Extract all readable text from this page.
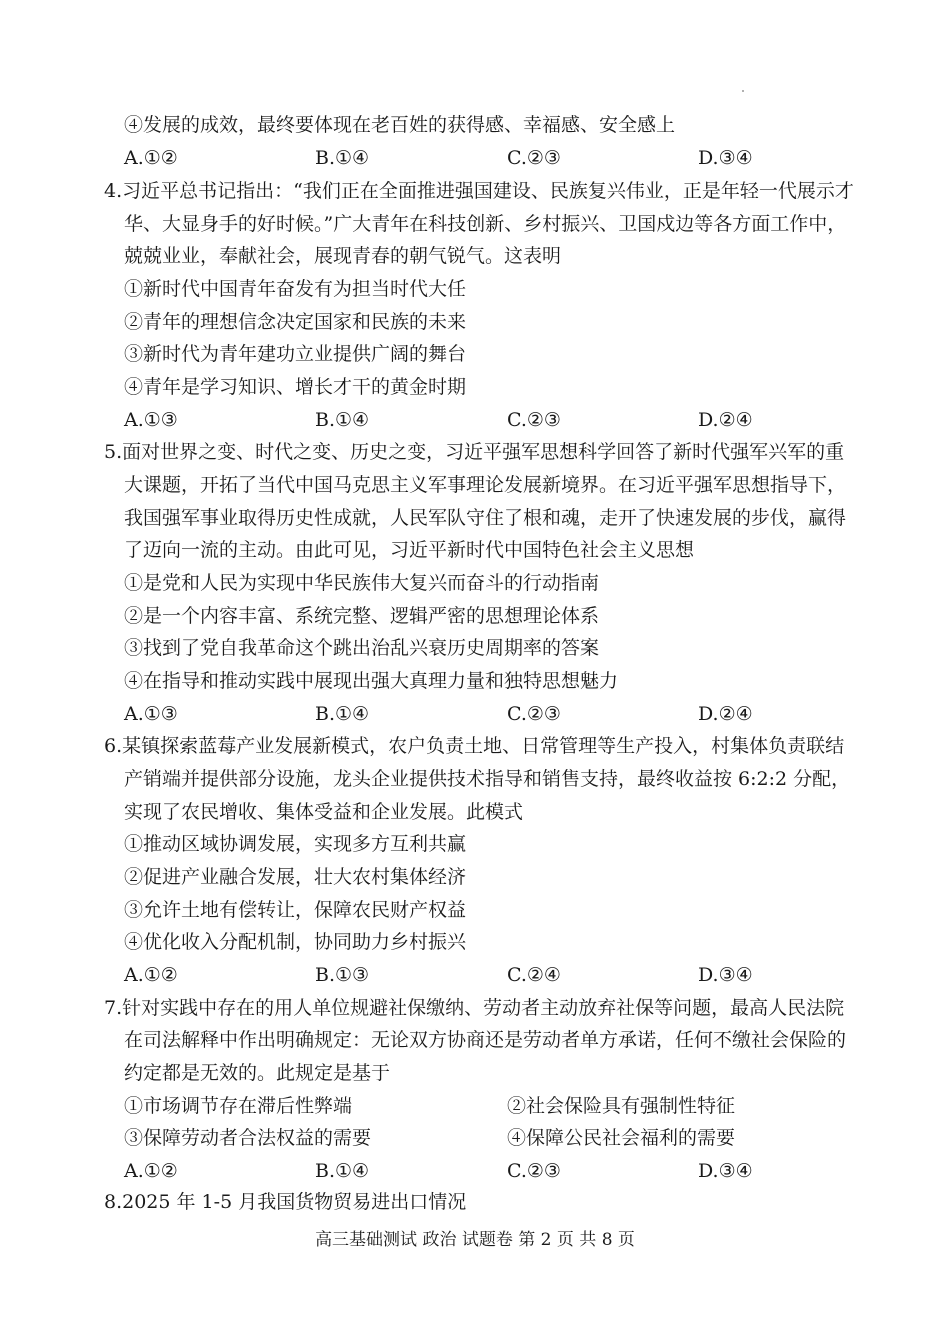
④发展的成效，最终要体现在老百姓的获得感、幸福感、安全感上
A.①②	B.①④	C.②③	D.③④
4.习近平总书记指出：“我们正在全面推进强国建设、民族复兴伟业，正是年轻一代展示才
华、大显身手的好时候。”广大青年在科技创新、乡村振兴、卫国戍边等各方面工作中，
兢兢业业，奉献社会，展现青春的朝气锐气。这表明
①新时代中国青年奋发有为担当时代大任
②青年的理想信念决定国家和民族的未来
③新时代为青年建功立业提供广阔的舞台
④青年是学习知识、增长才干的黄金时期
A.①③	B.①④	C.②③	D.②④
5.面对世界之变、时代之变、历史之变，习近平强军思想科学回答了新时代强军兴军的重
大课题，开拓了当代中国马克思主义军事理论发展新境界。在习近平强军思想指导下，
我国强军事业取得历史性成就，人民军队守住了根和魂，走开了快速发展的步伐，赢得
了迈向一流的主动。由此可见，习近平新时代中国特色社会主义思想
①是党和人民为实现中华民族伟大复兴而奋斗的行动指南
②是一个内容丰富、系统完整、逻辑严密的思想理论体系
③找到了党自我革命这个跳出治乱兴衰历史周期率的答案
④在指导和推动实践中展现出强大真理力量和独特思想魅力
A.①③	B.①④	C.②③	D.②④
6.某镇探索蓝莓产业发展新模式，农户负责土地、日常管理等生产投入，村集体负责联结
产销端并提供部分设施，龙头企业提供技术指导和销售支持，最终收益按 6:2:2 分配，
实现了农民增收、集体受益和企业发展。此模式
①推动区域协调发展，实现多方互利共赢
②促进产业融合发展，壮大农村集体经济
③允许土地有偿转让，保障农民财产权益
④优化收入分配机制，协同助力乡村振兴
A.①②	B.①③	C.②④	D.③④
7.针对实践中存在的用人单位规避社保缴纳、劳动者主动放弃社保等问题，最高人民法院
在司法解释中作出明确规定：无论双方协商还是劳动者单方承诺，任何不缴社会保险的
约定都是无效的。此规定是基于
①市场调节存在滞后性弊端	②社会保险具有强制性特征
③保障劳动者合法权益的需要	④保障公民社会福利的需要
A.①②	B.①④	C.②③	D.③④
8.2025 年 1-5 月我国货物贸易进出口情况
高三基础测试 政治 试题卷 第 2 页 共 8 页
